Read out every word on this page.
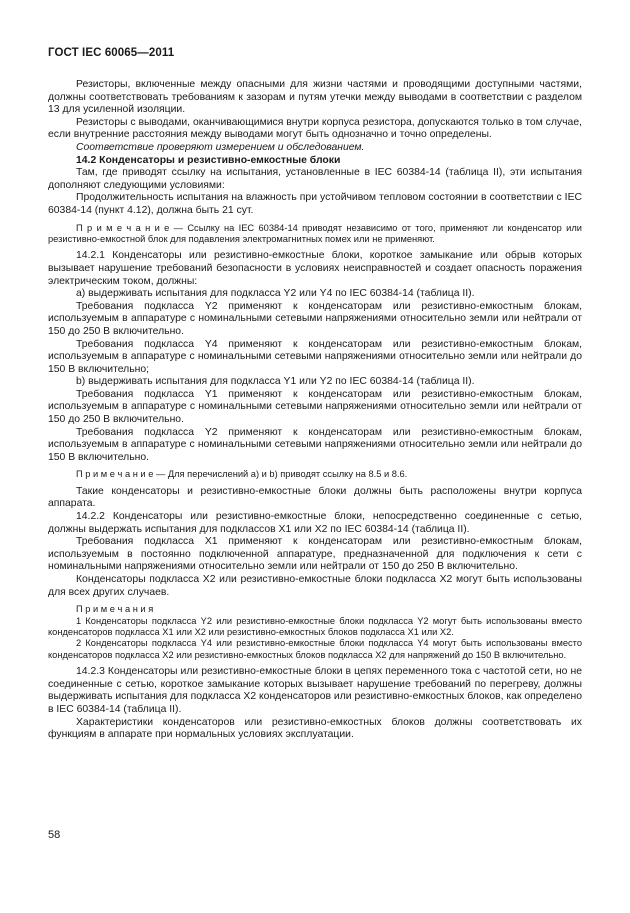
ГОСТ IEC 60065—2011

Резисторы, включенные между опасными для жизни частями и проводящими доступными частями, должны соответствовать требованиям к зазорам и путям утечки между выводами в соответствии с разделом 13 для усиленной изоляции.

Резисторы с выводами, оканчивающимися внутри корпуса резистора, допускаются только в том случае, если внутренние расстояния между выводами могут быть однозначно и точно определены.

Соответствие проверяют измерением и обследованием.

14.2 Конденсаторы и резистивно-емкостные блоки

Там, где приводят ссылку на испытания, установленные в IEC 60384-14 (таблица II), эти испытания дополняют следующими условиями:

Продолжительность испытания на влажность при устойчивом тепловом состоянии в соответствии с IEC 60384-14 (пункт 4.12), должна быть 21 сут.

П р и м е ч а н и е — Ссылку на IEC 60384-14 приводят независимо от того, применяют ли конденсатор или резистивно-емкостной блок для подавления электромагнитных помех или не применяют.

14.2.1 Конденсаторы или резистивно-емкостные блоки, короткое замыкание или обрыв которых вызывает нарушение требований безопасности в условиях неисправностей и создает опасность поражения электрическим током, должны:

a) выдерживать испытания для подкласса Y2 или Y4 по IEC 60384-14 (таблица II).

Требования подкласса Y2 применяют к конденсаторам или резистивно-емкостным блокам, используемым в аппаратуре с номинальными сетевыми напряжениями относительно земли или нейтрали от 150 до 250 В включительно.

Требования подкласса Y4 применяют к конденсаторам или резистивно-емкостным блокам, используемым в аппаратуре с номинальными сетевыми напряжениями относительно земли или нейтрали до 150 В включительно;

b) выдерживать испытания для подкласса Y1 или Y2 по IEC 60384-14 (таблица II).

Требования подкласса Y1 применяют к конденсаторам или резистивно-емкостным блокам, используемым в аппаратуре с номинальными сетевыми напряжениями относительно земли или нейтрали от 150 до 250 В включительно.

Требования подкласса Y2 применяют к конденсаторам или резистивно-емкостным блокам, используемым в аппаратуре с номинальными сетевыми напряжениями относительно земли или нейтрали до 150 В включительно.

П р и м е ч а н и е — Для перечислений a) и b) приводят ссылку на 8.5 и 8.6.

Такие конденсаторы и резистивно-емкостные блоки должны быть расположены внутри корпуса аппарата.

14.2.2 Конденсаторы или резистивно-емкостные блоки, непосредственно соединенные с сетью, должны выдержать испытания для подклассов X1 или X2 по IEC 60384-14 (таблица II).

Требования подкласса X1 применяют к конденсаторам или резистивно-емкостным блокам, используемым в постоянно подключенной аппаратуре, предназначенной для подключения к сети с номинальными напряжениями относительно земли или нейтрали от 150 до 250 В включительно.

Конденсаторы подкласса X2 или резистивно-емкостные блоки подкласса X2 могут быть использованы для всех других случаев.

П р и м е ч а н и я

1 Конденсаторы подкласса Y2 или резистивно-емкостные блоки подкласса Y2 могут быть использованы вместо конденсаторов подкласса X1 или X2 или резистивно-емкостных блоков подкласса X1 или X2.

2 Конденсаторы подкласса Y4 или резистивно-емкостные блоки подкласса Y4 могут быть использованы вместо конденсаторов подкласса X2 или резистивно-емкостных блоков подкласса X2 для напряжений до 150 В включительно.

14.2.3 Конденсаторы или резистивно-емкостные блоки в цепях переменного тока с частотой сети, но не соединенные с сетью, короткое замыкание которых вызывает нарушение требований по перегреву, должны выдерживать испытания для подкласса X2 конденсаторов или резистивно-емкостных блоков, как определено в IEC 60384-14 (таблица II).

Характеристики конденсаторов или резистивно-емкостных блоков должны соответствовать их функциям в аппарате при нормальных условиях эксплуатации.

58
